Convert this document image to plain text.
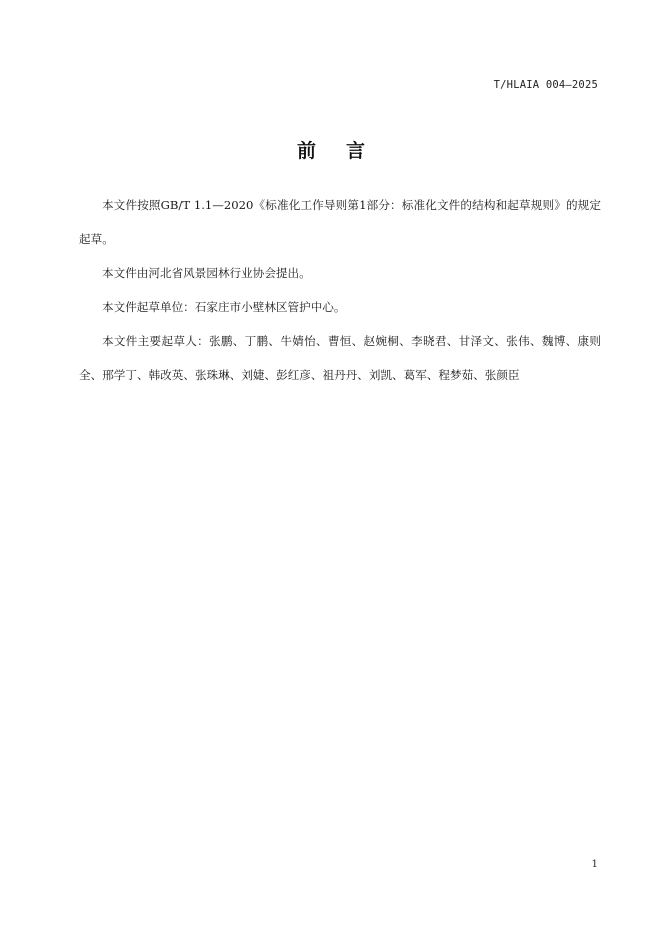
T/HLAIA 004—2025
前言

本文件按照GB/T 1.1—2020《标准化工作导则第1部分：标准化文件的结构和起草规则》的规定起草。

本文件由河北省风景园林行业协会提出。

本文件起草单位：石家庄市小壁林区管护中心。

本文件主要起草人：张鹏、丁鹏、牛婧怡、曹恒、赵婉桐、李晓君、甘泽文、张伟、魏博、康则全、邢学丁、韩改英、张珠琳、刘婕、彭红彦、祖丹丹、刘凯、葛军、程梦茹、张颜臣

1
